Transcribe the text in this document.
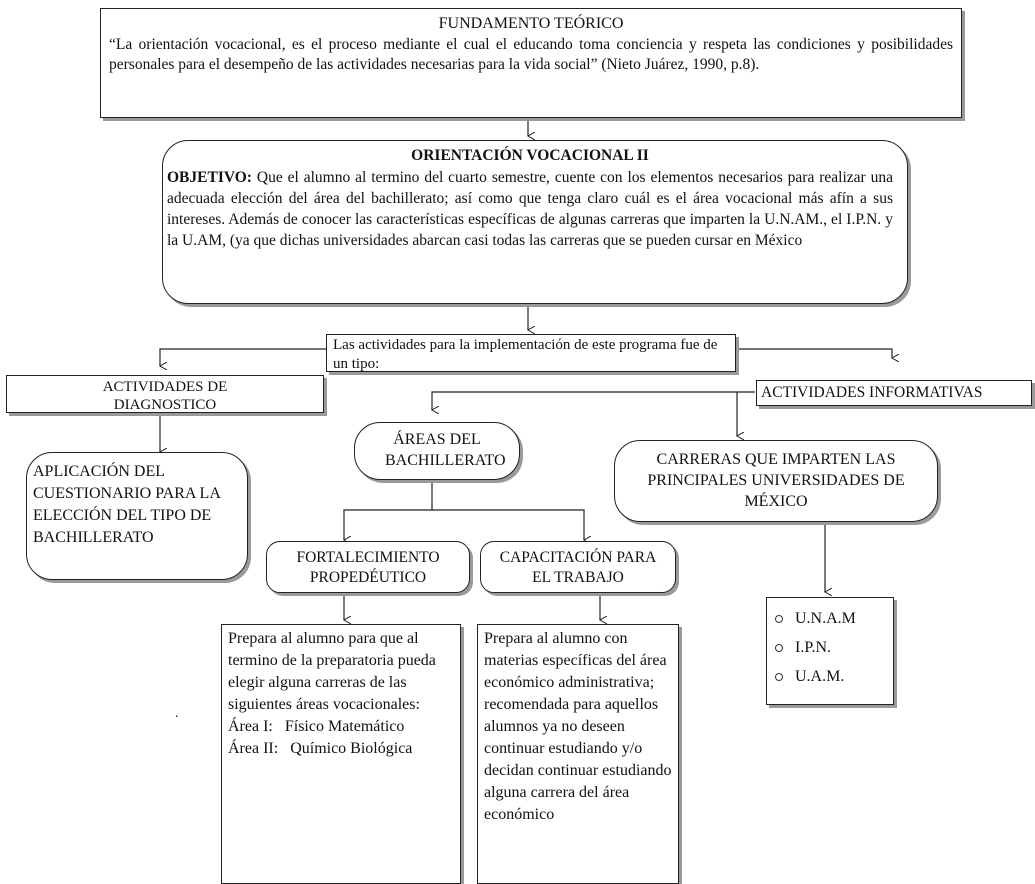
FUNDAMENTO TEÓRICO
“La orientación vocacional, es el proceso mediante el cual el educando toma conciencia y respeta las condiciones y posibilidades personales para el desempeño de las actividades necesarias para la vida social” (Nieto Juárez, 1990, p.8).
ORIENTACIÓN VOCACIONAL II
OBJETIVO: Que el alumno al termino del cuarto semestre, cuente con los elementos necesarios para realizar una adecuada elección del área del bachillerato; así como que tenga claro cuál es el área vocacional más afín a sus intereses. Además de conocer las características específicas de algunas carreras que imparten la U.N.AM., el I.P.N. y la U.AM, (ya que dichas universidades abarcan casi todas las carreras que se pueden cursar en México
Las actividades para la implementación de este programa fue de un tipo:
ACTIVIDADES DE DIAGNOSTICO
ACTIVIDADES INFORMATIVAS
APLICACIÓN DEL CUESTIONARIO PARA LA ELECCIÓN DEL TIPO DE BACHILLERATO
ÁREAS DEL BACHILLERATO	CARRERAS QUE IMPARTEN LAS PRINCIPALES UNIVERSIDADES DE MÉXICO
FORTALECIMIENTO PROPEDÉUTICO
CAPACITACIÓN PARA EL TRABAJO
Prepara al alumno para que al termino de la preparatoria pueda elegir alguna carreras de las siguientes áreas vocacionales:
Área I: Físico Matemático
Área II: Químico Biológica
Prepara al alumno con materias específicas del área económico administrativa; recomendada para aquellos alumnos ya no deseen continuar estudiando y/o decidan continuar estudiando alguna carrera del área económico
U.N.A.M
I.P.N.
U.A.M.
.
